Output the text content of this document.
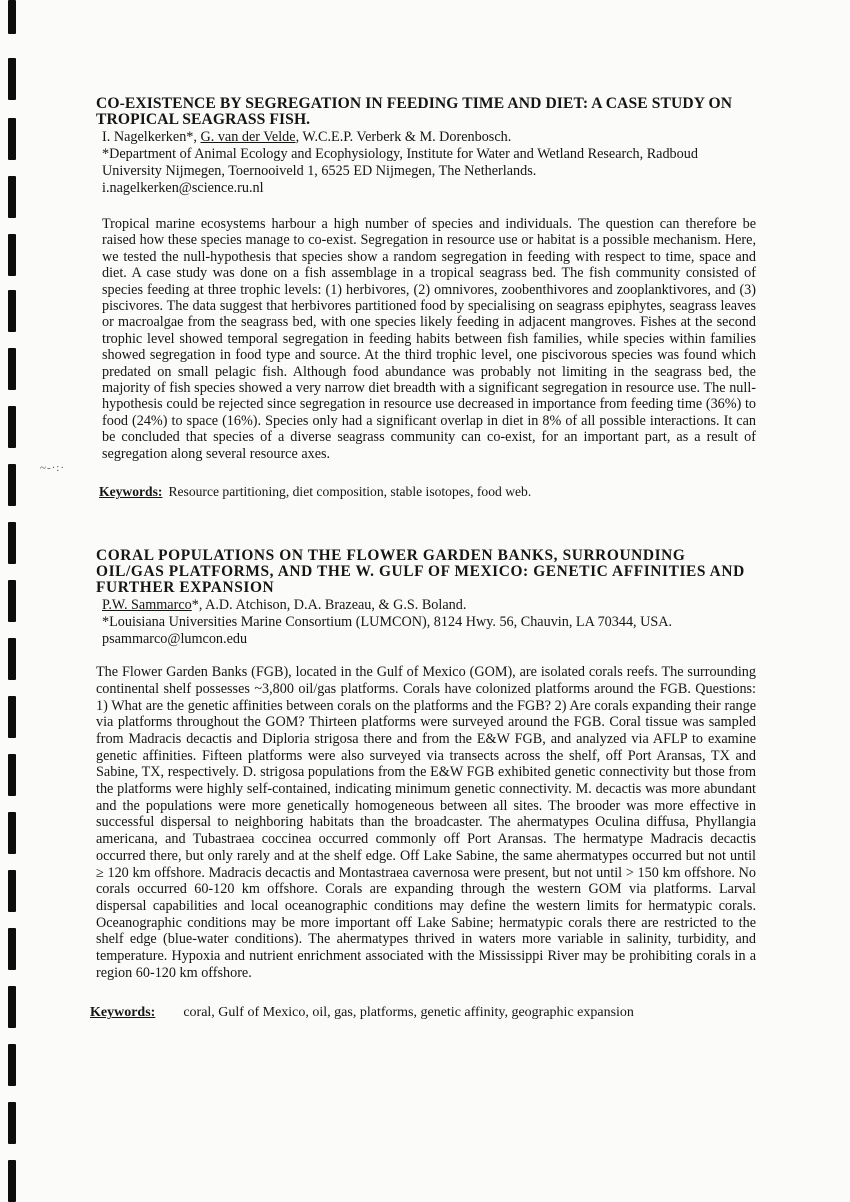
~-·:·
CO-EXISTENCE BY SEGREGATION IN FEEDING TIME AND DIET: A CASE STUDY ON TROPICAL SEAGRASS FISH.

I. Nagelkerken*, G. van der Velde, W.C.E.P. Verberk & M. Dorenbosch.

*Department of Animal Ecology and Ecophysiology, Institute for Water and Wetland Research, Radboud University Nijmegen, Toernooiveld 1, 6525 ED Nijmegen, The Netherlands.

i.nagelkerken@science.ru.nl

Tropical marine ecosystems harbour a high number of species and individuals. The question can therefore be raised how these species manage to co-exist. Segregation in resource use or habitat is a possible mechanism. Here, we tested the null-hypothesis that species show a random segregation in feeding with respect to time, space and diet. A case study was done on a fish assemblage in a tropical seagrass bed. The fish community consisted of species feeding at three trophic levels: (1) herbivores, (2) omnivores, zoobenthivores and zooplanktivores, and (3) piscivores. The data suggest that herbivores partitioned food by specialising on seagrass epiphytes, seagrass leaves or macroalgae from the seagrass bed, with one species likely feeding in adjacent mangroves. Fishes at the second trophic level showed temporal segregation in feeding habits between fish families, while species within families showed segregation in food type and source. At the third trophic level, one piscivorous species was found which predated on small pelagic fish. Although food abundance was probably not limiting in the seagrass bed, the majority of fish species showed a very narrow diet breadth with a significant segregation in resource use. The null-hypothesis could be rejected since segregation in resource use decreased in importance from feeding time (36%) to food (24%) to space (16%). Species only had a significant overlap in diet in 8% of all possible interactions. It can be concluded that species of a diverse seagrass community can co-exist, for an important part, as a result of segregation along several resource axes.

Keywords: Resource partitioning, diet composition, stable isotopes, food web.

CORAL POPULATIONS ON THE FLOWER GARDEN BANKS, SURROUNDING OIL/GAS PLATFORMS, AND THE W. GULF OF MEXICO: GENETIC AFFINITIES AND FURTHER EXPANSION

P.W. Sammarco*, A.D. Atchison, D.A. Brazeau, & G.S. Boland.

*Louisiana Universities Marine Consortium (LUMCON), 8124 Hwy. 56, Chauvin, LA 70344, USA.

psammarco@lumcon.edu

The Flower Garden Banks (FGB), located in the Gulf of Mexico (GOM), are isolated corals reefs. The surrounding continental shelf possesses ~3,800 oil/gas platforms. Corals have colonized platforms around the FGB. Questions: 1) What are the genetic affinities between corals on the platforms and the FGB? 2) Are corals expanding their range via platforms throughout the GOM? Thirteen platforms were surveyed around the FGB. Coral tissue was sampled from Madracis decactis and Diploria strigosa there and from the E&W FGB, and analyzed via AFLP to examine genetic affinities. Fifteen platforms were also surveyed via transects across the shelf, off Port Aransas, TX and Sabine, TX, respectively. D. strigosa populations from the E&W FGB exhibited genetic connectivity but those from the platforms were highly self-contained, indicating minimum genetic connectivity. M. decactis was more abundant and the populations were more genetically homogeneous between all sites. The brooder was more effective in successful dispersal to neighboring habitats than the broadcaster. The ahermatypes Oculina diffusa, Phyllangia americana, and Tubastraea coccinea occurred commonly off Port Aransas. The hermatype Madracis decactis occurred there, but only rarely and at the shelf edge. Off Lake Sabine, the same ahermatypes occurred but not until ≥ 120 km offshore. Madracis decactis and Montastraea cavernosa were present, but not until > 150 km offshore. No corals occurred 60-120 km offshore. Corals are expanding through the western GOM via platforms. Larval dispersal capabilities and local oceanographic conditions may define the western limits for hermatypic corals. Oceanographic conditions may be more important off Lake Sabine; hermatypic corals there are restricted to the shelf edge (blue-water conditions). The ahermatypes thrived in waters more variable in salinity, turbidity, and temperature. Hypoxia and nutrient enrichment associated with the Mississippi River may be prohibiting corals in a region 60-120 km offshore.

Keywords: coral, Gulf of Mexico, oil, gas, platforms, genetic affinity, geographic expansion
